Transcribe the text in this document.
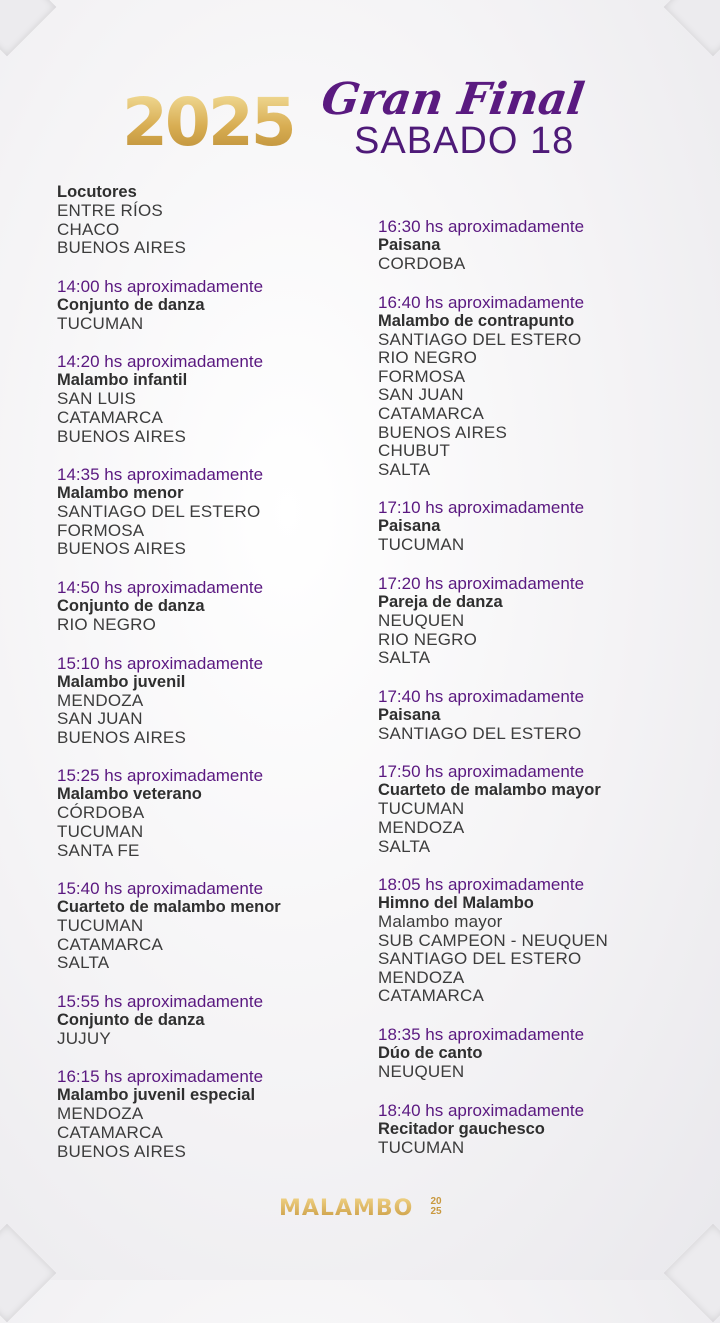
2025 Gran Final
SABADO 18
Locutores
ENTRE RÍOS
CHACO
BUENOS AIRES
14:00 hs aproximadamente
Conjunto de danza
TUCUMAN
14:20 hs aproximadamente
Malambo infantil
SAN LUIS
CATAMARCA
BUENOS AIRES
14:35 hs aproximadamente
Malambo menor
SANTIAGO DEL ESTERO
FORMOSA
BUENOS AIRES
14:50 hs aproximadamente
Conjunto de danza
RIO NEGRO
15:10 hs aproximadamente
Malambo juvenil
MENDOZA
SAN JUAN
BUENOS AIRES
15:25 hs aproximadamente
Malambo veterano
CÓRDOBA
TUCUMAN
SANTA FE
15:40 hs aproximadamente
Cuarteto de malambo menor
TUCUMAN
CATAMARCA
SALTA
15:55 hs aproximadamente
Conjunto de danza
JUJUY
16:15 hs aproximadamente
Malambo juvenil especial
MENDOZA
CATAMARCA
BUENOS AIRES
16:30 hs aproximadamente
Paisana
CORDOBA
16:40 hs aproximadamente
Malambo de contrapunto
SANTIAGO DEL ESTERO
RIO NEGRO
FORMOSA
SAN JUAN
CATAMARCA
BUENOS AIRES
CHUBUT
SALTA
17:10 hs aproximadamente
Paisana
TUCUMAN
17:20 hs aproximadamente
Pareja de danza
NEUQUEN
RIO NEGRO
SALTA
17:40 hs aproximadamente
Paisana
SANTIAGO DEL ESTERO
17:50 hs aproximadamente
Cuarteto de malambo mayor
TUCUMAN
MENDOZA
SALTA
18:05 hs aproximadamente
Himno del Malambo
Malambo mayor
SUB CAMPEON - NEUQUEN
SANTIAGO DEL ESTERO
MENDOZA
CATAMARCA
18:35 hs aproximadamente
Dúo de canto
NEUQUEN
18:40 hs aproximadamente
Recitador gauchesco
TUCUMAN
MALAMBO 20
25
